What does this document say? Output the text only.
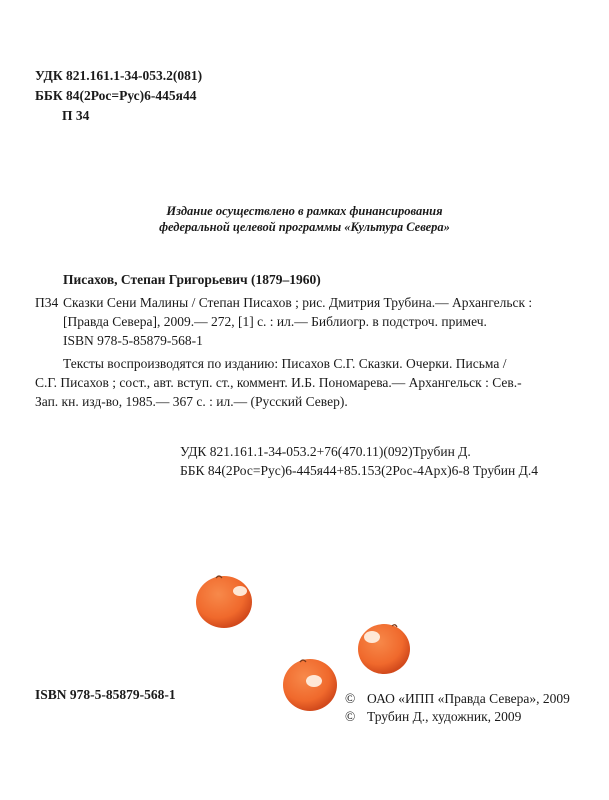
УДК 821.161.1-34-053.2(081)
ББК 84(2Рос=Рус)6-445я44
П 34
Издание осуществлено в рамках финансирования
федеральной целевой программы «Культура Севера»
Писахов, Степан Григорьевич (1879–1960)
П34 Сказки Сени Малины / Степан Писахов ; рис. Дмитрия Трубина.— Архангельск :
[Правда Севера], 2009.— 272, [1] с. : ил.— Библиогр. в подстроч. примеч.
ISBN 978-5-85879-568-1
Тексты воспроизводятся по изданию: Писахов С.Г. Сказки. Очерки. Письма /
С.Г. Писахов ; сост., авт. вступ. ст., коммент. И.Б. Пономарева.— Архангельск : Сев.-
Зап. кн. изд-во, 1985.— 367 с. : ил.— (Русский Север).
УДК 821.161.1-34-053.2+76(470.11)(092)Трубин Д.
ББК 84(2Рос=Рус)6-445я44+85.153(2Рос-4Арх)6-8 Трубин Д.4
ISBN 978-5-85879-568-1	© ОАО «ИПП «Правда Севера», 2009
© Трубин Д., художник, 2009
